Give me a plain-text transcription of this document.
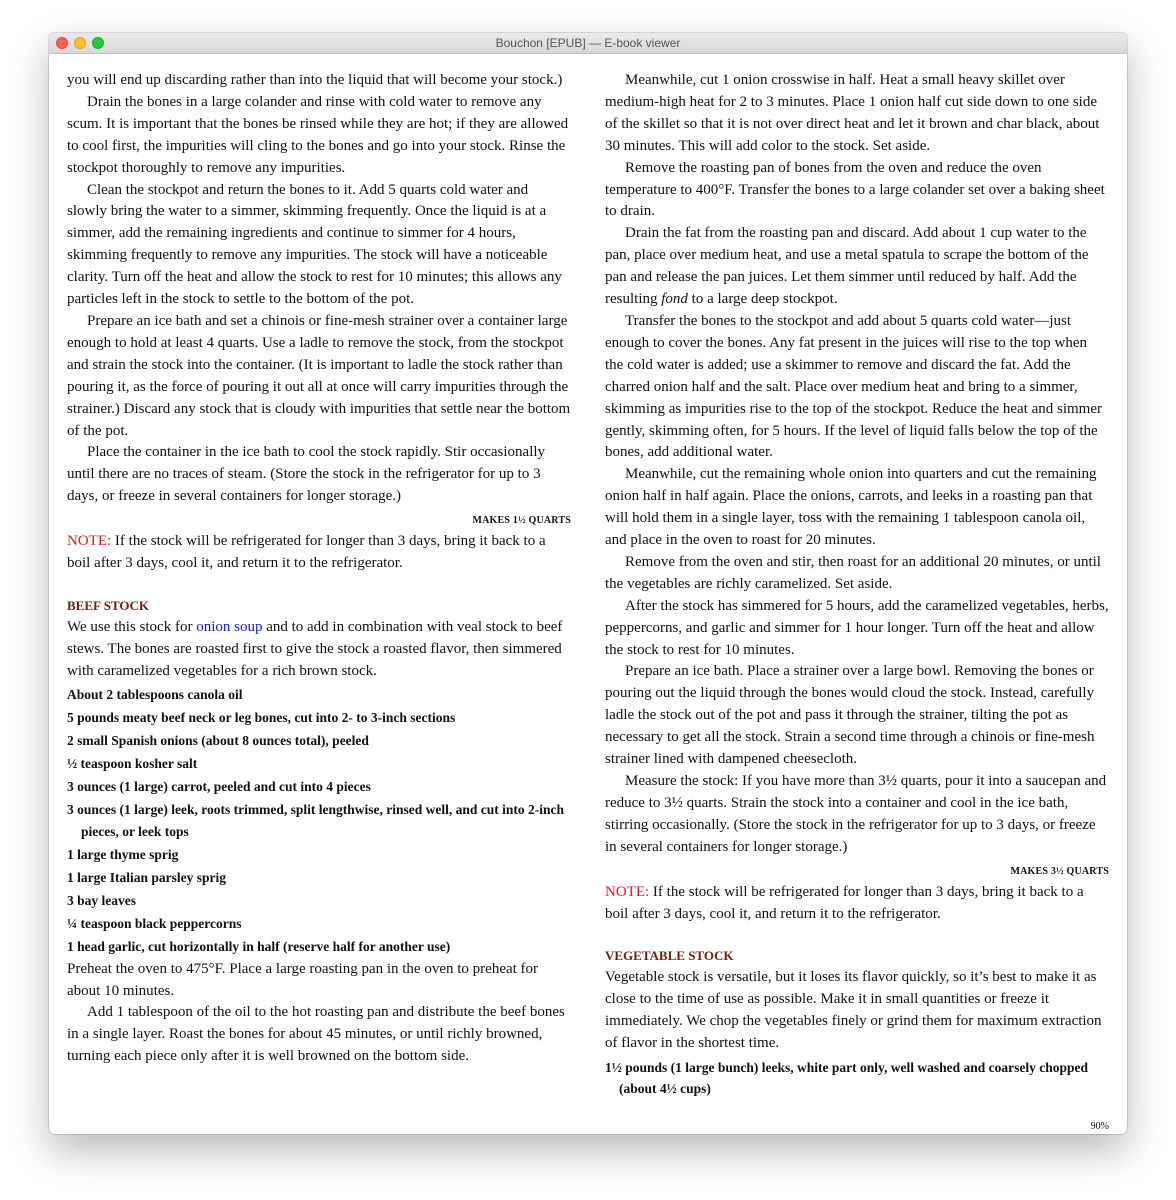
Bouchon [EPUB] — E-book viewer

you will end up discarding rather than into the liquid that will become your stock.)

Drain the bones in a large colander and rinse with cold water to remove any scum. It is important that the bones be rinsed while they are hot; if they are allowed to cool first, the impurities will cling to the bones and go into your stock. Rinse the stockpot thoroughly to remove any impurities.

Clean the stockpot and return the bones to it. Add 5 quarts cold water and slowly bring the water to a simmer, skimming frequently. Once the liquid is at a simmer, add the remaining ingredients and continue to simmer for 4 hours, skimming frequently to remove any impurities. The stock will have a noticeable clarity. Turn off the heat and allow the stock to rest for 10 minutes; this allows any particles left in the stock to settle to the bottom of the pot.

Prepare an ice bath and set a chinois or fine-mesh strainer over a container large enough to hold at least 4 quarts. Use a ladle to remove the stock, from the stockpot and strain the stock into the container. (It is important to ladle the stock rather than pouring it, as the force of pouring it out all at once will carry impurities through the strainer.) Discard any stock that is cloudy with impurities that settle near the bottom of the pot.

Place the container in the ice bath to cool the stock rapidly. Stir occasionally until there are no traces of steam. (Store the stock in the refrigerator for up to 3 days, or freeze in several containers for longer storage.)

MAKES 1½ QUARTS

NOTE: If the stock will be refrigerated for longer than 3 days, bring it back to a boil after 3 days, cool it, and return it to the refrigerator.

BEEF STOCK

We use this stock for onion soup and to add in combination with veal stock to beef stews. The bones are roasted first to give the stock a roasted flavor, then simmered with caramelized vegetables for a rich brown stock.

About 2 tablespoons canola oil

5 pounds meaty beef neck or leg bones, cut into 2- to 3-inch sections

2 small Spanish onions (about 8 ounces total), peeled

½ teaspoon kosher salt

3 ounces (1 large) carrot, peeled and cut into 4 pieces

3 ounces (1 large) leek, roots trimmed, split lengthwise, rinsed well, and cut into 2-inch pieces, or leek tops

1 large thyme sprig

1 large Italian parsley sprig

3 bay leaves

¼ teaspoon black peppercorns

1 head garlic, cut horizontally in half (reserve half for another use)

Preheat the oven to 475°F. Place a large roasting pan in the oven to preheat for about 10 minutes.

Add 1 tablespoon of the oil to the hot roasting pan and distribute the beef bones in a single layer. Roast the bones for about 45 minutes, or until richly browned, turning each piece only after it is well browned on the bottom side.

Meanwhile, cut 1 onion crosswise in half. Heat a small heavy skillet over medium-high heat for 2 to 3 minutes. Place 1 onion half cut side down to one side of the skillet so that it is not over direct heat and let it brown and char black, about 30 minutes. This will add color to the stock. Set aside.

Remove the roasting pan of bones from the oven and reduce the oven temperature to 400°F. Transfer the bones to a large colander set over a baking sheet to drain.

Drain the fat from the roasting pan and discard. Add about 1 cup water to the pan, place over medium heat, and use a metal spatula to scrape the bottom of the pan and release the pan juices. Let them simmer until reduced by half. Add the resulting fond to a large deep stockpot.

Transfer the bones to the stockpot and add about 5 quarts cold water—just enough to cover the bones. Any fat present in the juices will rise to the top when the cold water is added; use a skimmer to remove and discard the fat. Add the charred onion half and the salt. Place over medium heat and bring to a simmer, skimming as impurities rise to the top of the stockpot. Reduce the heat and simmer gently, skimming often, for 5 hours. If the level of liquid falls below the top of the bones, add additional water.

Meanwhile, cut the remaining whole onion into quarters and cut the remaining onion half in half again. Place the onions, carrots, and leeks in a roasting pan that will hold them in a single layer, toss with the remaining 1 tablespoon canola oil, and place in the oven to roast for 20 minutes.

Remove from the oven and stir, then roast for an additional 20 minutes, or until the vegetables are richly caramelized. Set aside.

After the stock has simmered for 5 hours, add the caramelized vegetables, herbs, peppercorns, and garlic and simmer for 1 hour longer. Turn off the heat and allow the stock to rest for 10 minutes.

Prepare an ice bath. Place a strainer over a large bowl. Removing the bones or pouring out the liquid through the bones would cloud the stock. Instead, carefully ladle the stock out of the pot and pass it through the strainer, tilting the pot as necessary to get all the stock. Strain a second time through a chinois or fine-mesh strainer lined with dampened cheesecloth.

Measure the stock: If you have more than 3½ quarts, pour it into a saucepan and reduce to 3½ quarts. Strain the stock into a container and cool in the ice bath, stirring occasionally. (Store the stock in the refrigerator for up to 3 days, or freeze in several containers for longer storage.)

MAKES 3½ QUARTS

NOTE: If the stock will be refrigerated for longer than 3 days, bring it back to a boil after 3 days, cool it, and return it to the refrigerator.

VEGETABLE STOCK

Vegetable stock is versatile, but it loses its flavor quickly, so it’s best to make it as close to the time of use as possible. Make it in small quantities or freeze it immediately. We chop the vegetables finely or grind them for maximum extraction of flavor in the shortest time.

1½ pounds (1 large bunch) leeks, white part only, well washed and coarsely chopped (about 4½ cups)

90%
